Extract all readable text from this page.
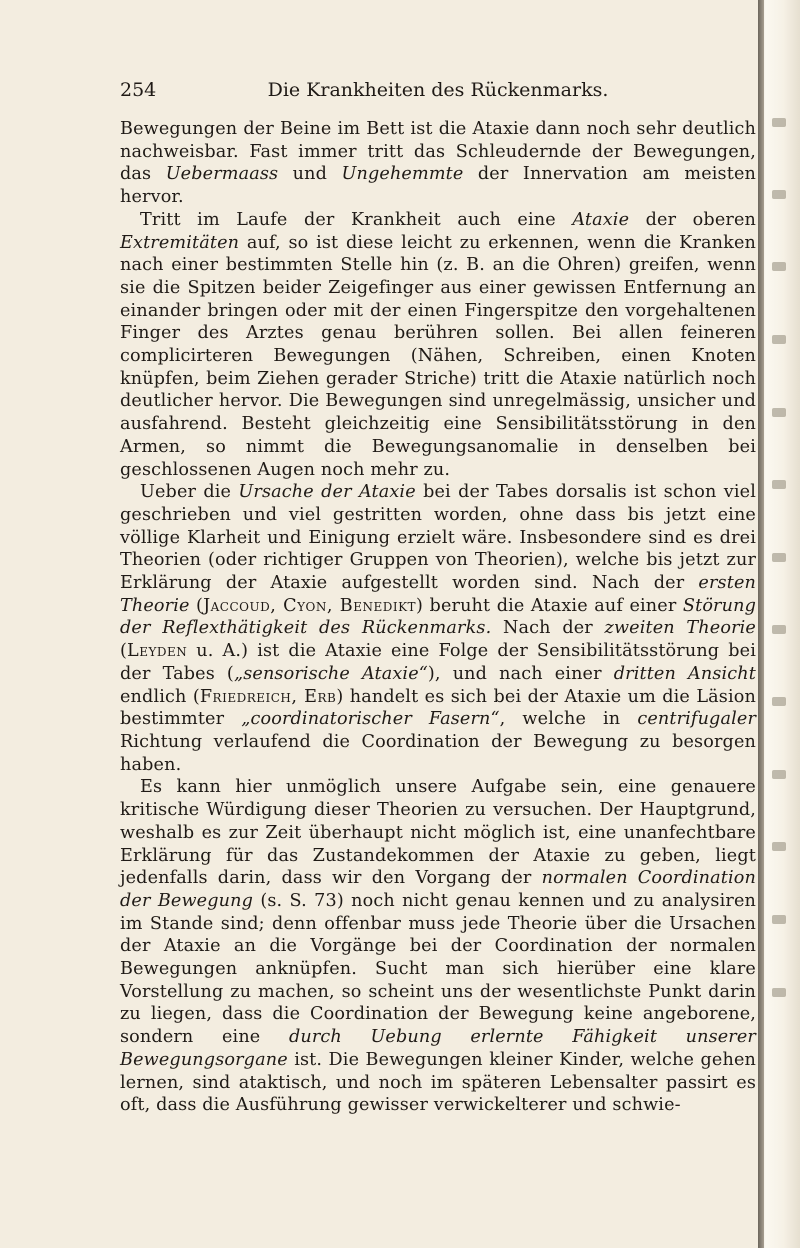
254	Die Krankheiten des Rückenmarks.

Bewegungen der Beine im Bett ist die Ataxie dann noch sehr deutlich nachweisbar. Fast immer tritt das Schleudernde der Bewegungen, das Uebermaass und Ungehemmte der Innervation am meisten hervor.

Tritt im Laufe der Krankheit auch eine Ataxie der oberen Extremitäten auf, so ist diese leicht zu erkennen, wenn die Kranken nach einer bestimmten Stelle hin (z. B. an die Ohren) greifen, wenn sie die Spitzen beider Zeigefinger aus einer gewissen Entfernung an einander bringen oder mit der einen Fingerspitze den vorgehaltenen Finger des Arztes genau berühren sollen. Bei allen feineren complicirteren Bewegungen (Nähen, Schreiben, einen Knoten knüpfen, beim Ziehen gerader Striche) tritt die Ataxie natürlich noch deutlicher hervor. Die Bewegungen sind unregelmässig, unsicher und ausfahrend. Besteht gleichzeitig eine Sensibilitätsstörung in den Armen, so nimmt die Bewegungsanomalie in denselben bei geschlossenen Augen noch mehr zu.

Ueber die Ursache der Ataxie bei der Tabes dorsalis ist schon viel geschrieben und viel gestritten worden, ohne dass bis jetzt eine völlige Klarheit und Einigung erzielt wäre. Insbesondere sind es drei Theorien (oder richtiger Gruppen von Theorien), welche bis jetzt zur Erklärung der Ataxie aufgestellt worden sind. Nach der ersten Theorie (Jaccoud, Cyon, Benedikt) beruht die Ataxie auf einer Störung der Reflexthätigkeit des Rückenmarks. Nach der zweiten Theorie (Leyden u. A.) ist die Ataxie eine Folge der Sensibilitätsstörung bei der Tabes („sensorische Ataxie“), und nach einer dritten Ansicht endlich (Friedreich, Erb) handelt es sich bei der Ataxie um die Läsion bestimmter „coordinatorischer Fasern“, welche in centrifugaler Richtung verlaufend die Coordination der Bewegung zu besorgen haben.

Es kann hier unmöglich unsere Aufgabe sein, eine genauere kritische Würdigung dieser Theorien zu versuchen. Der Hauptgrund, weshalb es zur Zeit überhaupt nicht möglich ist, eine unanfechtbare Erklärung für das Zustandekommen der Ataxie zu geben, liegt jedenfalls darin, dass wir den Vorgang der normalen Coordination der Bewegung (s. S. 73) noch nicht genau kennen und zu analysiren im Stande sind; denn offenbar muss jede Theorie über die Ursachen der Ataxie an die Vorgänge bei der Coordination der normalen Bewegungen anknüpfen. Sucht man sich hierüber eine klare Vorstellung zu machen, so scheint uns der wesentlichste Punkt darin zu liegen, dass die Coordination der Bewegung keine angeborene, sondern eine durch Uebung erlernte Fähigkeit unserer Bewegungsorgane ist. Die Bewegungen kleiner Kinder, welche gehen lernen, sind ataktisch, und noch im späteren Lebensalter passirt es oft, dass die Ausführung gewisser verwickelterer und schwie-
